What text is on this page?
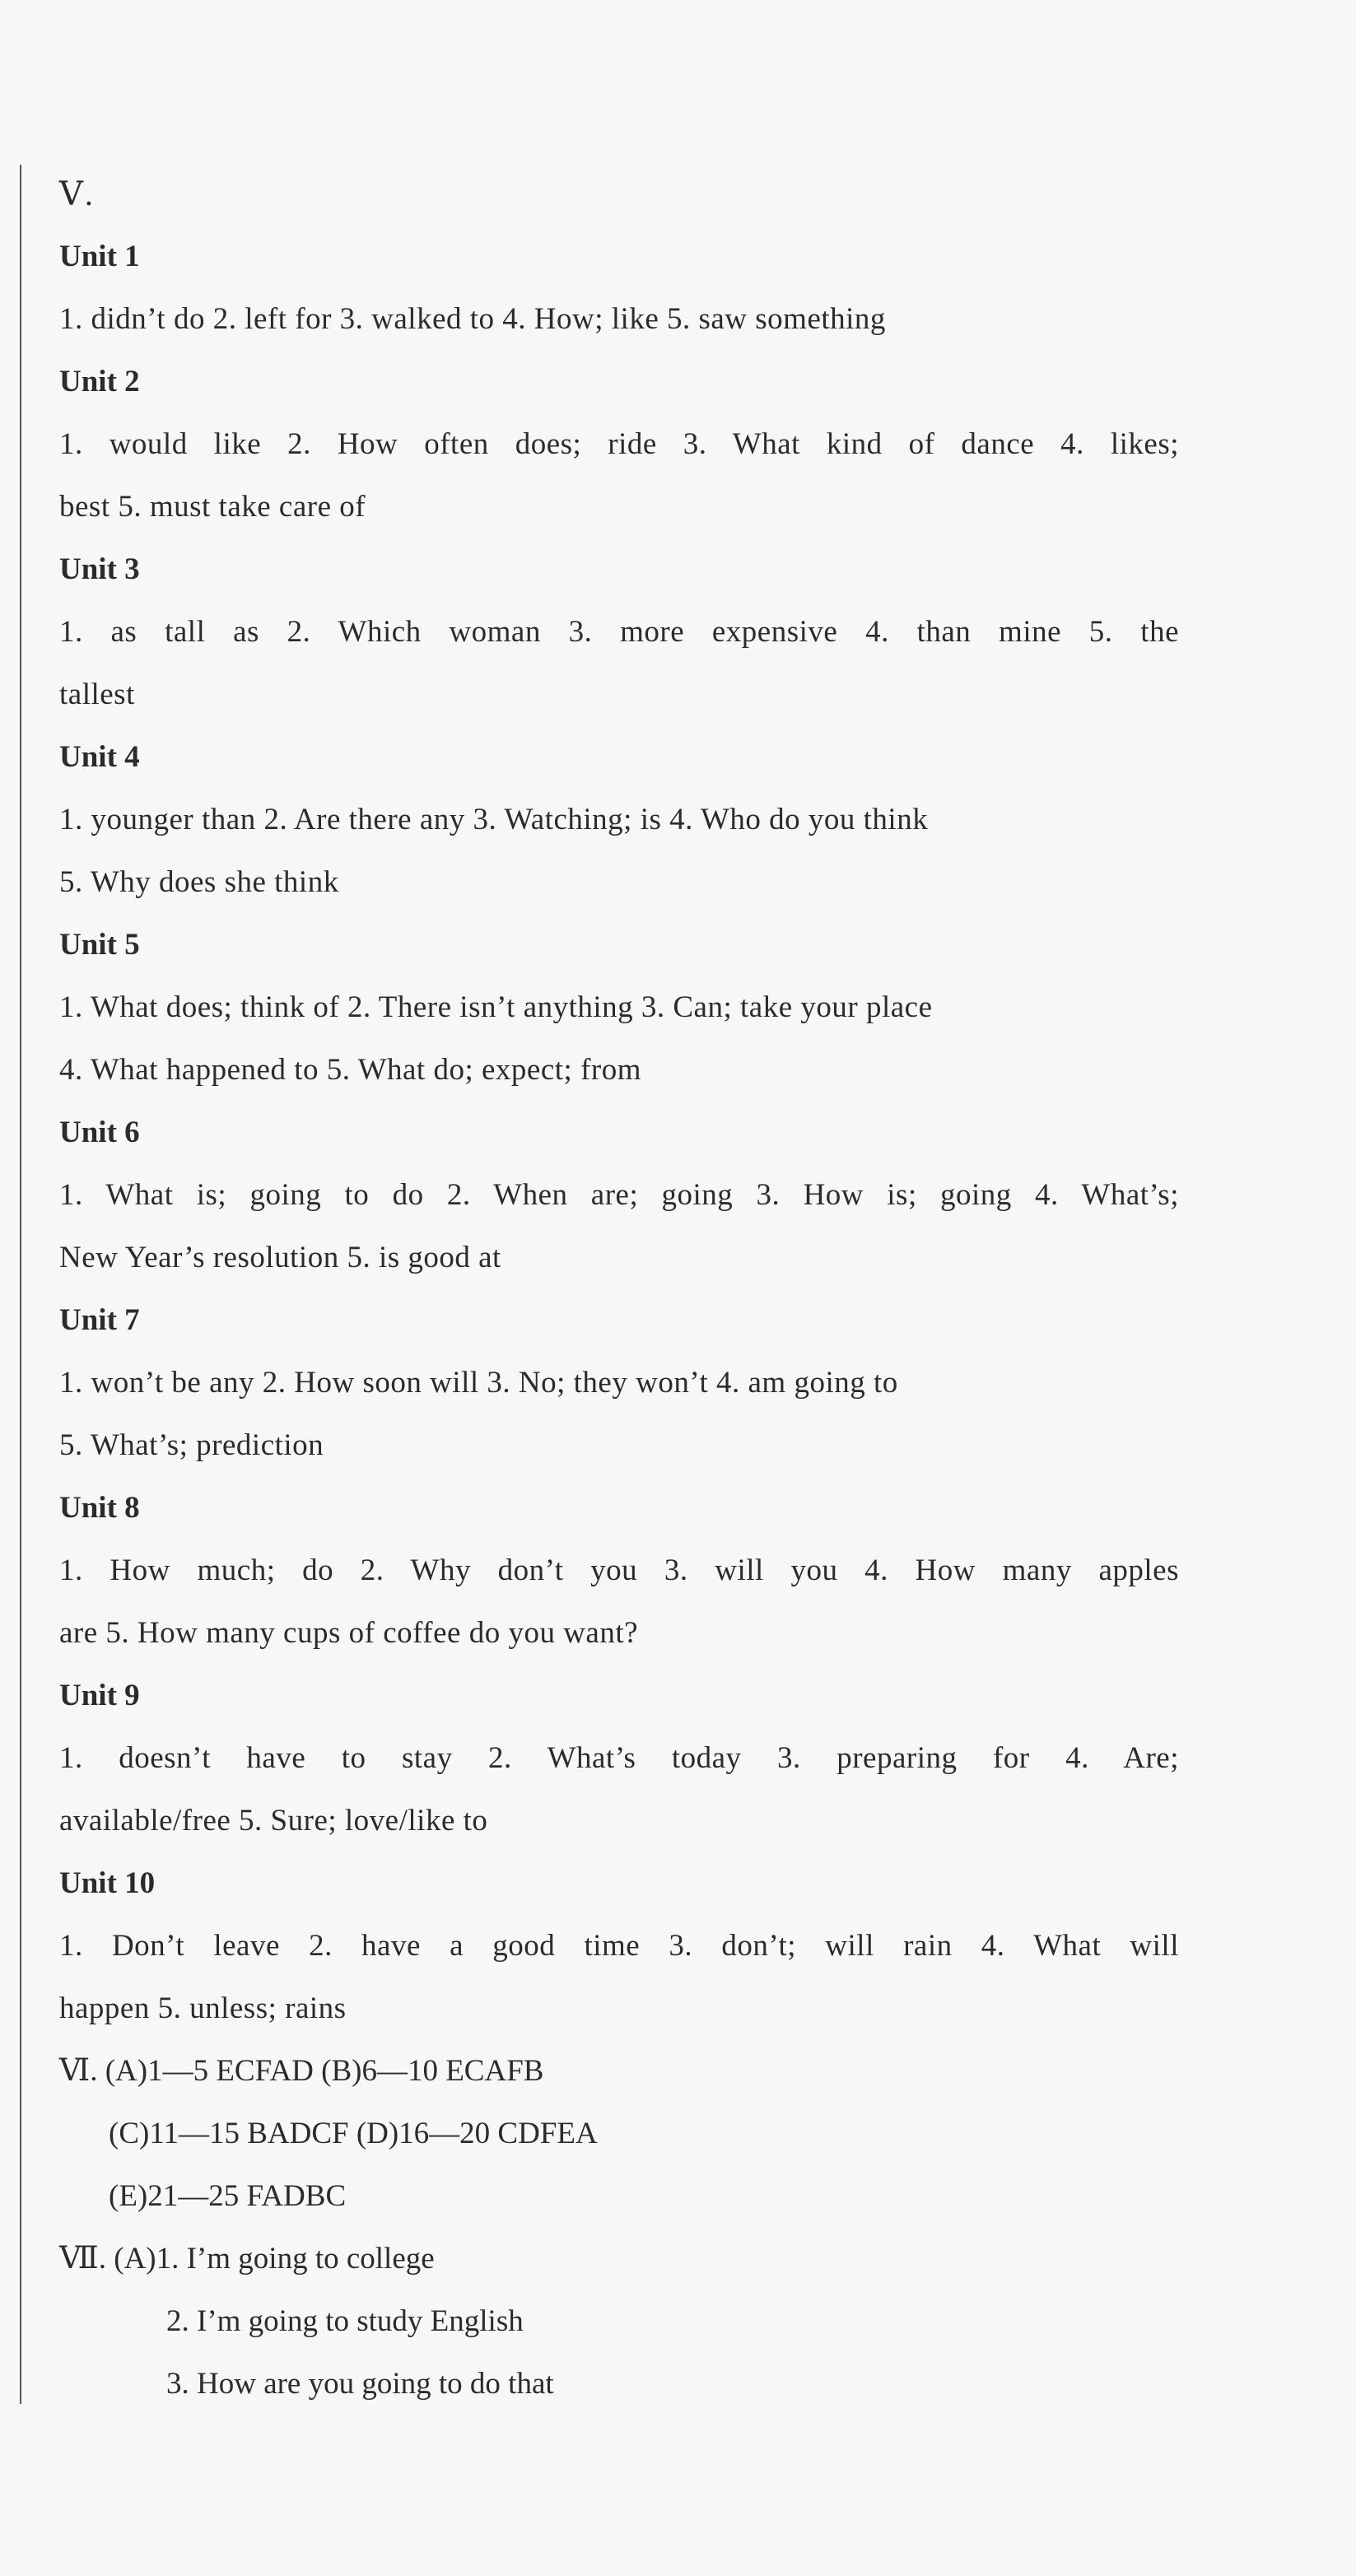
Ⅴ.
Unit 1
1. didn’t do 2. left for 3. walked to 4. How; like 5. saw something
Unit 2
1. would like 2. How often does; ride 3. What kind of dance 4. likes;
best 5. must take care of
Unit 3
1. as tall as 2. Which woman 3. more expensive 4. than mine 5. the
tallest
Unit 4
1. younger than 2. Are there any 3. Watching; is 4. Who do you think
5. Why does she think
Unit 5
1. What does; think of 2. There isn’t anything 3. Can; take your place
4. What happened to 5. What do; expect; from
Unit 6
1. What is; going to do 2. When are; going 3. How is; going 4. What’s;
New Year’s resolution 5. is good at
Unit 7
1. won’t be any 2. How soon will 3. No; they won’t 4. am going to
5. What’s; prediction
Unit 8
1. How much; do 2. Why don’t you 3. will you 4. How many apples
are 5. How many cups of coffee do you want?
Unit 9
1. doesn’t have to stay 2. What’s today 3. preparing for 4. Are;
available/free 5. Sure; love/like to
Unit 10
1. Don’t leave 2. have a good time 3. don’t; will rain 4. What will
happen 5. unless; rains
Ⅵ. (A)1—5 ECFAD (B)6—10 ECAFB
(C)11—15 BADCF (D)16—20 CDFEA
(E)21—25 FADBC
Ⅶ. (A)1. I’m going to college
2. I’m going to study English
3. How are you going to do that
